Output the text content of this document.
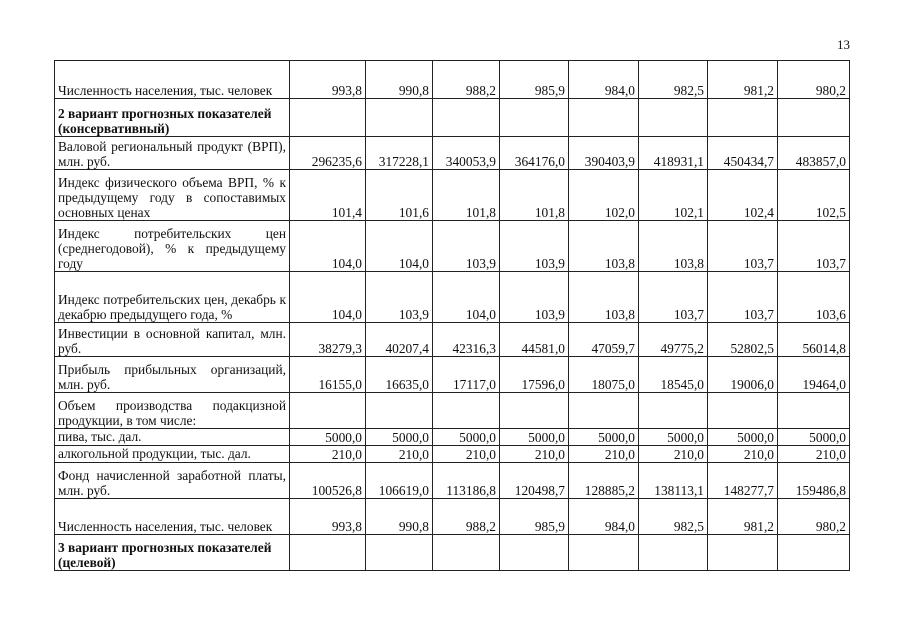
13
Численность населения, тыс. человек	993,8	990,8	988,2	985,9	984,0	982,5	981,2	980,2
2 вариант прогнозных показателей (консервативный)								
Валовой региональный продукт (ВРП), млн. руб.	296235,6	317228,1	340053,9	364176,0	390403,9	418931,1	450434,7	483857,0
Индекс физического объема ВРП, % к предыдущему году в сопоставимых основных ценах	101,4	101,6	101,8	101,8	102,0	102,1	102,4	102,5
Индекс потребительских цен (среднегодовой), % к предыдущему году	104,0	104,0	103,9	103,9	103,8	103,8	103,7	103,7
Индекс потребительских цен, декабрь к декабрю предыдущего года, %	104,0	103,9	104,0	103,9	103,8	103,7	103,7	103,6
Инвестиции в основной капитал, млн. руб.	38279,3	40207,4	42316,3	44581,0	47059,7	49775,2	52802,5	56014,8
Прибыль прибыльных организаций, млн. руб.	16155,0	16635,0	17117,0	17596,0	18075,0	18545,0	19006,0	19464,0
Объем производства подакцизной продукции, в том числе:								
пива, тыс. дал.	5000,0	5000,0	5000,0	5000,0	5000,0	5000,0	5000,0	5000,0
алкогольной продукции, тыс. дал.	210,0	210,0	210,0	210,0	210,0	210,0	210,0	210,0
Фонд начисленной заработной платы, млн. руб.	100526,8	106619,0	113186,8	120498,7	128885,2	138113,1	148277,7	159486,8
Численность населения, тыс. человек	993,8	990,8	988,2	985,9	984,0	982,5	981,2	980,2
3 вариант прогнозных показателей (целевой)								
